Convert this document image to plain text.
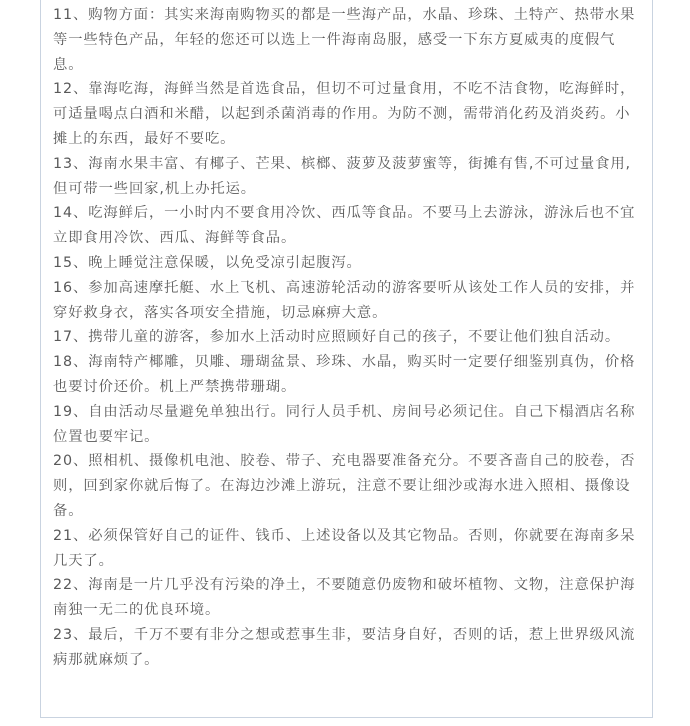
11、购物方面：其实来海南购物买的都是一些海产品，水晶、珍珠、土特产、热带水果等一些特色产品，年轻的您还可以选上一件海南岛服，感受一下东方夏威夷的度假气息。

12、靠海吃海，海鲜当然是首选食品，但切不可过量食用，不吃不洁食物，吃海鲜时，可适量喝点白酒和米醋，以起到杀菌消毒的作用。为防不测，需带消化药及消炎药。小摊上的东西，最好不要吃。

13、海南水果丰富、有椰子、芒果、槟榔、菠萝及菠萝蜜等，街摊有售,不可过量食用,但可带一些回家,机上办托运。

14、吃海鲜后，一小时内不要食用冷饮、西瓜等食品。不要马上去游泳，游泳后也不宜立即食用冷饮、西瓜、海鲜等食品。

15、晚上睡觉注意保暖，以免受凉引起腹泻。

16、参加高速摩托艇、水上飞机、高速游轮活动的游客要听从该处工作人员的安排，并穿好救身衣，落实各项安全措施，切忌麻痹大意。

17、携带儿童的游客，参加水上活动时应照顾好自己的孩子，不要让他们独自活动。

18、海南特产椰雕，贝雕、珊瑚盆景、珍珠、水晶，购买时一定要仔细鉴别真伪，价格也要讨价还价。机上严禁携带珊瑚。

19、自由活动尽量避免单独出行。同行人员手机、房间号必须记住。自己下榻酒店名称位置也要牢记。

20、照相机、摄像机电池、胶卷、带子、充电器要准备充分。不要吝啬自己的胶卷，否则，回到家你就后悔了。在海边沙滩上游玩，注意不要让细沙或海水进入照相、摄像设备。

21、必须保管好自己的证件、钱币、上述设备以及其它物品。否则，你就要在海南多呆几天了。

22、海南是一片几乎没有污染的净土，不要随意仍废物和破坏植物、文物，注意保护海南独一无二的优良环境。

23、最后，千万不要有非分之想或惹事生非，要洁身自好，否则的话，惹上世界级风流病那就麻烦了。
